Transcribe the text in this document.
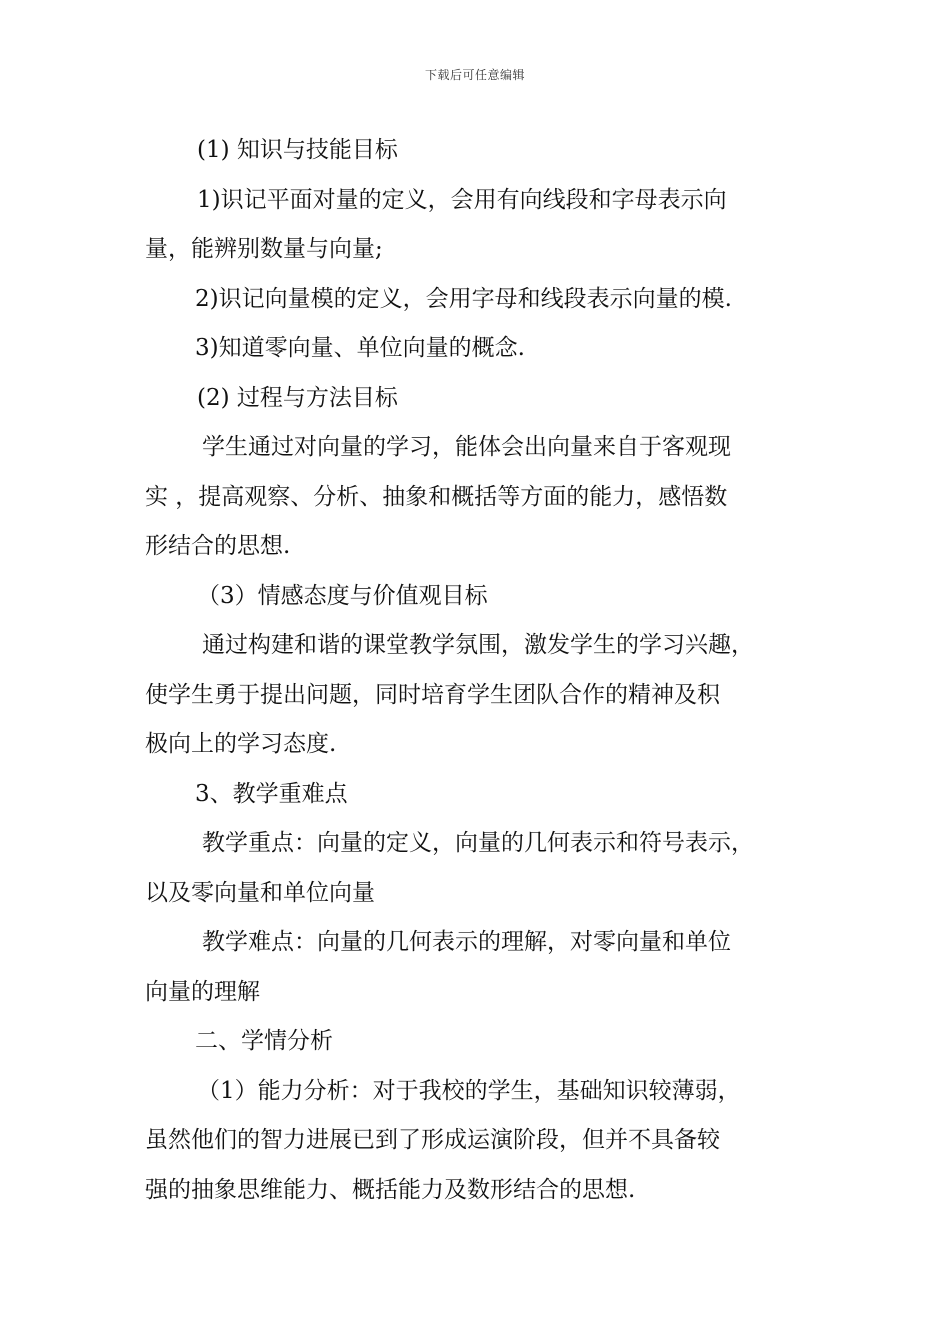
下载后可任意编辑
(1) 知识与技能目标
1)识记平面对量的定义，会用有向线段和字母表示向
量，能辨别数量与向量;
2)识记向量模的定义，会用字母和线段表示向量的模.
3)知道零向量、单位向量的概念.
(2) 过程与方法目标
学生通过对向量的学习，能体会出向量来自于客观现
实 ，提高观察、分析、抽象和概括等方面的能力，感悟数
形结合的思想.
（3）情感态度与价值观目标
通过构建和谐的课堂教学氛围，激发学生的学习兴趣，
使学生勇于提出问题，同时培育学生团队合作的精神及积
极向上的学习态度.
3、教学重难点
教学重点：向量的定义，向量的几何表示和符号表示，
以及零向量和单位向量
教学难点：向量的几何表示的理解，对零向量和单位
向量的理解
二、学情分析
（1）能力分析：对于我校的学生，基础知识较薄弱，
虽然他们的智力进展已到了形成运演阶段，但并不具备较
强的抽象思维能力、概括能力及数形结合的思想.
